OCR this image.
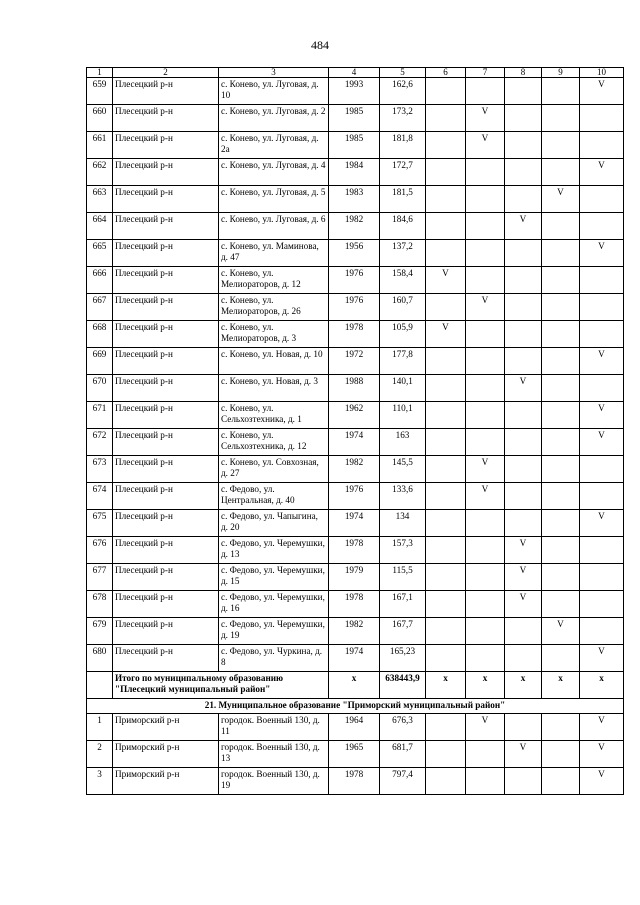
484
1	2	3	4	5	6	7	8	9	10
659	Плесецкий р-н	с. Конево, ул. Луговая, д. 10	1993	162,6					V
660	Плесецкий р-н	с. Конево, ул. Луговая, д. 2	1985	173,2		V			
661	Плесецкий р-н	с. Конево, ул. Луговая, д. 2а	1985	181,8		V			
662	Плесецкий р-н	с. Конево, ул. Луговая, д. 4	1984	172,7					V
663	Плесецкий р-н	с. Конево, ул. Луговая, д. 5	1983	181,5				V	
664	Плесецкий р-н	с. Конево, ул. Луговая, д. 6	1982	184,6			V		
665	Плесецкий р-н	с. Конево, ул. Маминова, д. 47	1956	137,2					V
666	Плесецкий р-н	с. Конево, ул. Мелиораторов, д. 12	1976	158,4	V				
667	Плесецкий р-н	с. Конево, ул. Мелиораторов, д. 26	1976	160,7		V			
668	Плесецкий р-н	с. Конево, ул. Мелиораторов, д. 3	1978	105,9	V				
669	Плесецкий р-н	с. Конево, ул. Новая, д. 10	1972	177,8					V
670	Плесецкий р-н	с. Конево, ул. Новая, д. 3	1988	140,1			V		
671	Плесецкий р-н	с. Конево, ул. Сельхозтехника, д. 1	1962	110,1					V
672	Плесецкий р-н	с. Конево, ул. Сельхозтехника, д. 12	1974	163					V
673	Плесецкий р-н	с. Конево, ул. Совхозная, д. 27	1982	145,5		V			
674	Плесецкий р-н	с. Федово, ул. Центральная, д. 40	1976	133,6		V			
675	Плесецкий р-н	с. Федово, ул. Чапыгина, д. 20	1974	134					V
676	Плесецкий р-н	с. Федово, ул. Черемушки, д. 13	1978	157,3			V		
677	Плесецкий р-н	с. Федово, ул. Черемушки, д. 15	1979	115,5			V		
678	Плесецкий р-н	с. Федово, ул. Черемушки, д. 16	1978	167,1			V		
679	Плесецкий р-н	с. Федово, ул. Черемушки, д. 19	1982	167,7				V	
680	Плесецкий р-н	с. Федово, ул. Чуркина, д. 8	1974	165,23					V
	Итого по муниципальному образованию "Плесецкий муниципальный район"		x	638443,9	x	x	x	x	x
21. Муниципальное образование "Приморский муниципальный район"									
1	Приморский р-н	городок. Военный 130, д. 11	1964	676,3		V			V
2	Приморский р-н	городок. Военный 130, д. 13	1965	681,7			V		V
3	Приморский р-н	городок. Военный 130, д. 19	1978	797,4					V
